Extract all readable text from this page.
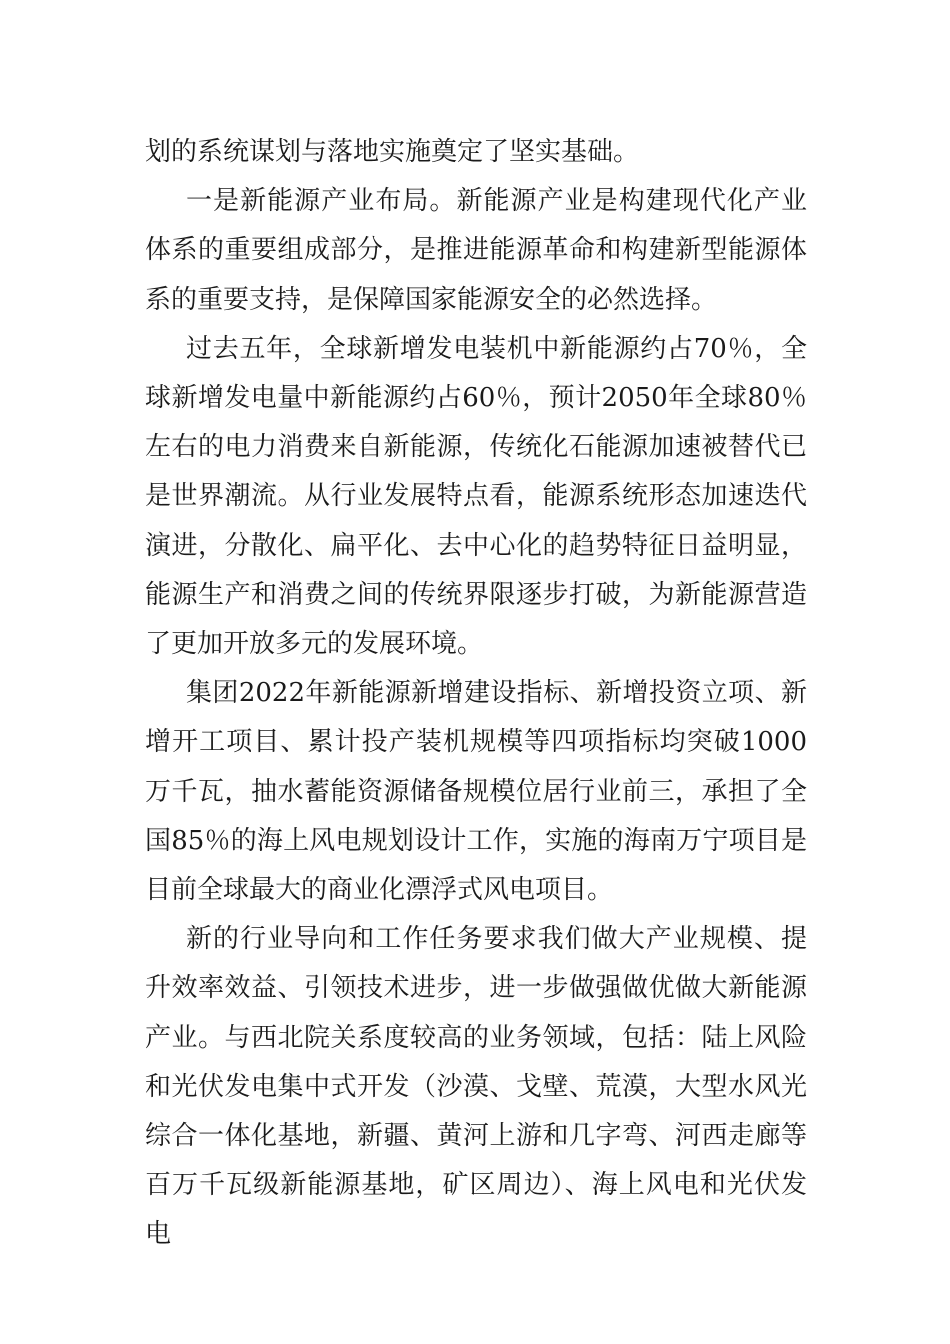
划的系统谋划与落地实施奠定了坚实基础。

一是新能源产业布局。新能源产业是构建现代化产业体系的重要组成部分，是推进能源革命和构建新型能源体系的重要支持，是保障国家能源安全的必然选择。

过去五年，全球新增发电装机中新能源约占70％，全球新增发电量中新能源约占60％，预计2050年全球80％左右的电力消费来自新能源，传统化石能源加速被替代已是世界潮流。从行业发展特点看，能源系统形态加速迭代演进，分散化、扁平化、去中心化的趋势特征日益明显，能源生产和消费之间的传统界限逐步打破，为新能源营造了更加开放多元的发展环境。

集团2022年新能源新增建设指标、新增投资立项、新增开工项目、累计投产装机规模等四项指标均突破1000万千瓦，抽水蓄能资源储备规模位居行业前三，承担了全国85％的海上风电规划设计工作，实施的海南万宁项目是目前全球最大的商业化漂浮式风电项目。

新的行业导向和工作任务要求我们做大产业规模、提升效率效益、引领技术进步，进一步做强做优做大新能源产业。与西北院关系度较高的业务领域，包括：陆上风险和光伏发电集中式开发（沙漠、戈壁、荒漠，大型水风光综合一体化基地，新疆、黄河上游和几字弯、河西走廊等百万千瓦级新能源基地，矿区周边）、海上风电和光伏发电
